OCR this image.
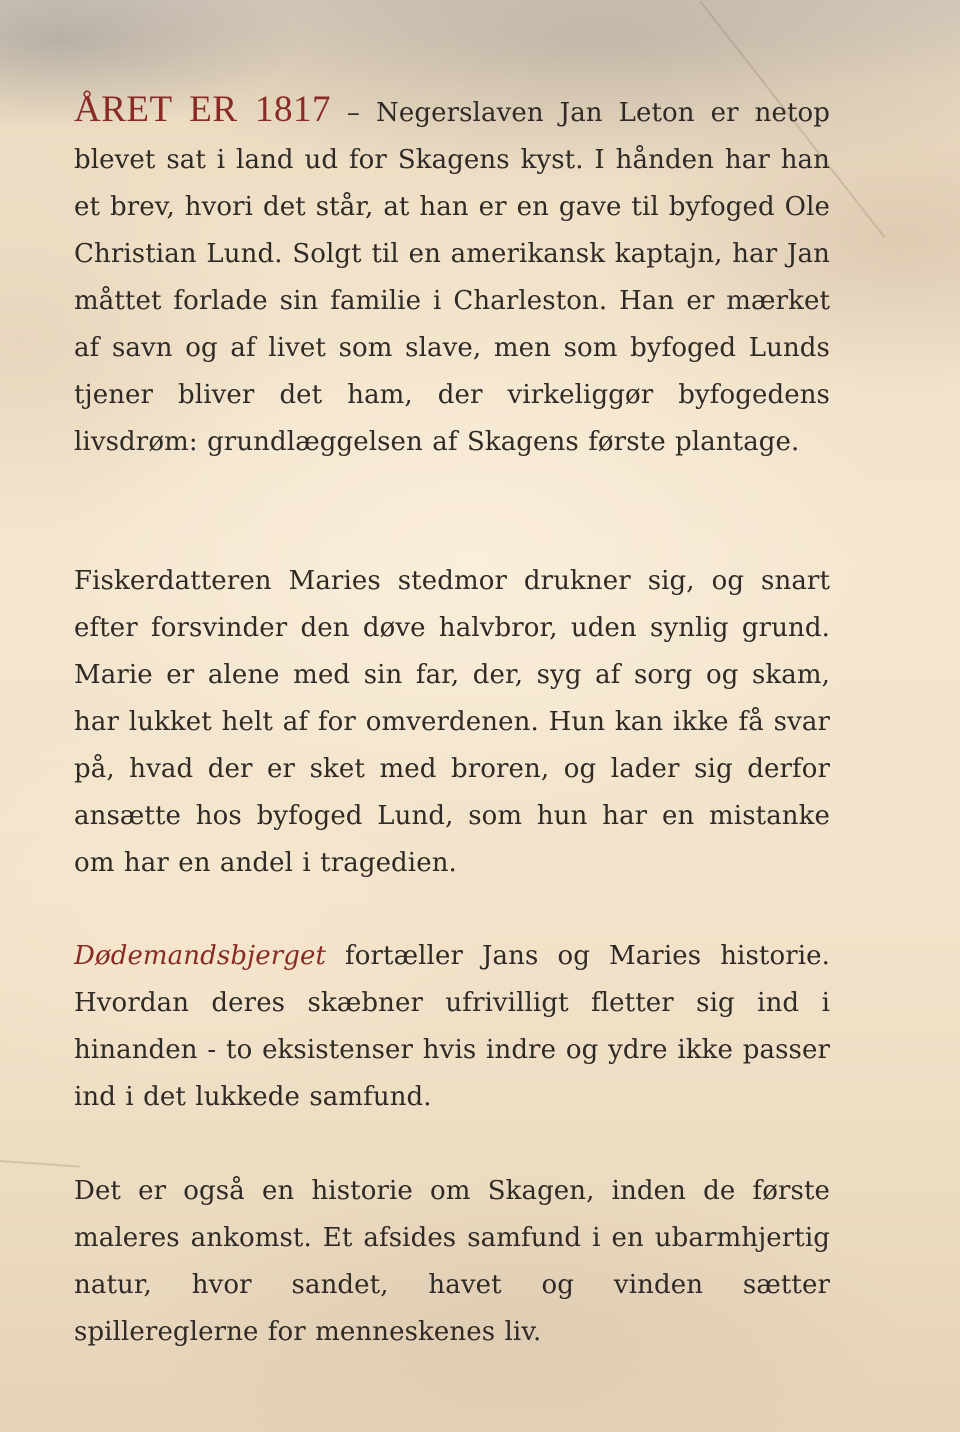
ÅRET ER 1817 – Negerslaven Jan Leton er netop blevet sat i land ud for Skagens kyst. I hånden har han et brev, hvori det står, at han er en gave til byfoged Ole Christian Lund. Solgt til en amerikansk kaptajn, har Jan måttet forlade sin familie i Charleston. Han er mærket af savn og af livet som slave, men som byfoged Lunds tjener bliver det ham, der virkeliggør byfogedens livsdrøm: grundlæggelsen af Skagens første plantage.

Fiskerdatteren Maries stedmor drukner sig, og snart efter forsvinder den døve halvbror, uden synlig grund. Marie er alene med sin far, der, syg af sorg og skam, har lukket helt af for omverdenen. Hun kan ikke få svar på, hvad der er sket med broren, og lader sig derfor ansætte hos byfoged Lund, som hun har en mistanke om har en andel i tragedien.

Dødemandsbjerget fortæller Jans og Maries historie. Hvordan deres skæbner ufrivilligt fletter sig ind i hinanden - to eksistenser hvis indre og ydre ikke passer ind i det lukkede samfund.

Det er også en historie om Skagen, inden de første maleres ankomst. Et afsides samfund i en ubarmhjertig natur, hvor sandet, havet og vinden sætter spillereglerne for menneskenes liv.
